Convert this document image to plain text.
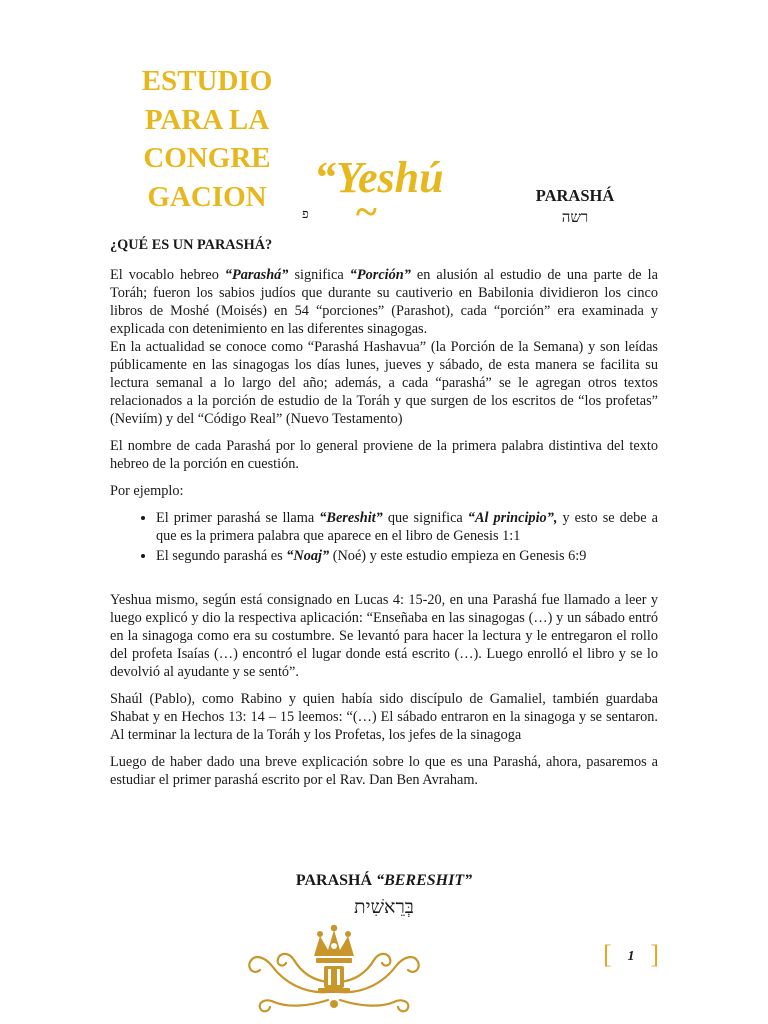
ESTUDIO
PARA LA
CONGRE
GACION	“Yeshú
~
פ
PARASHÁ
רשה

¿QUÉ ES UN PARASHÁ?

El vocablo hebreo “Parashá” significa “Porción” en alusión al estudio de una parte de la Toráh; fueron los sabios judíos que durante su cautiverio en Babilonia dividieron los cinco libros de Moshé (Moisés) en 54 “porciones” (Parashot), cada “porción” era examinada y explicada con detenimiento en las diferentes sinagogas.

En la actualidad se conoce como “Parashá Hashavua” (la Porción de la Semana) y son leídas públicamente en las sinagogas los días lunes, jueves y sábado, de esta manera se facilita su lectura semanal a lo largo del año; además, a cada “parashá” se le agregan otros textos relacionados a la porción de estudio de la Toráh y que surgen de los escritos de “los profetas” (Neviím) y del “Código Real” (Nuevo Testamento)

El nombre de cada Parashá por lo general proviene de la primera palabra distintiva del texto hebreo de la porción en cuestión.

Por ejemplo:

• El primer parashá se llama “Bereshit” que significa “Al principio”, y esto se debe a que es la primera palabra que aparece en el libro de Genesis 1:1
• El segundo parashá es “Noaj” (Noé) y este estudio empieza en Genesis 6:9

Yeshua mismo, según está consignado en Lucas 4: 15-20, en una Parashá fue llamado a leer y luego explicó y dio la respectiva aplicación: “Enseñaba en las sinagogas (…) y un sábado entró en la sinagoga como era su costumbre. Se levantó para hacer la lectura y le entregaron el rollo del profeta Isaías (…) encontró el lugar donde está escrito (…). Luego enrolló el libro y se lo devolvió al ayudante y se sentó”.

Shaúl (Pablo), como Rabino y quien había sido discípulo de Gamaliel, también guardaba Shabat y en Hechos 13: 14 – 15 leemos: “(…) El sábado entraron en la sinagoga y se sentaron. Al terminar la lectura de la Toráh y los Profetas, los jefes de la sinagoga

Luego de haber dado una breve explicación sobre lo que es una Parashá, ahora, pasaremos a estudiar el primer parashá escrito por el Rav. Dan Ben Avraham.

PARASHÁ “BERESHIT”
בְּרֵאשִׁית
[	1 ]
